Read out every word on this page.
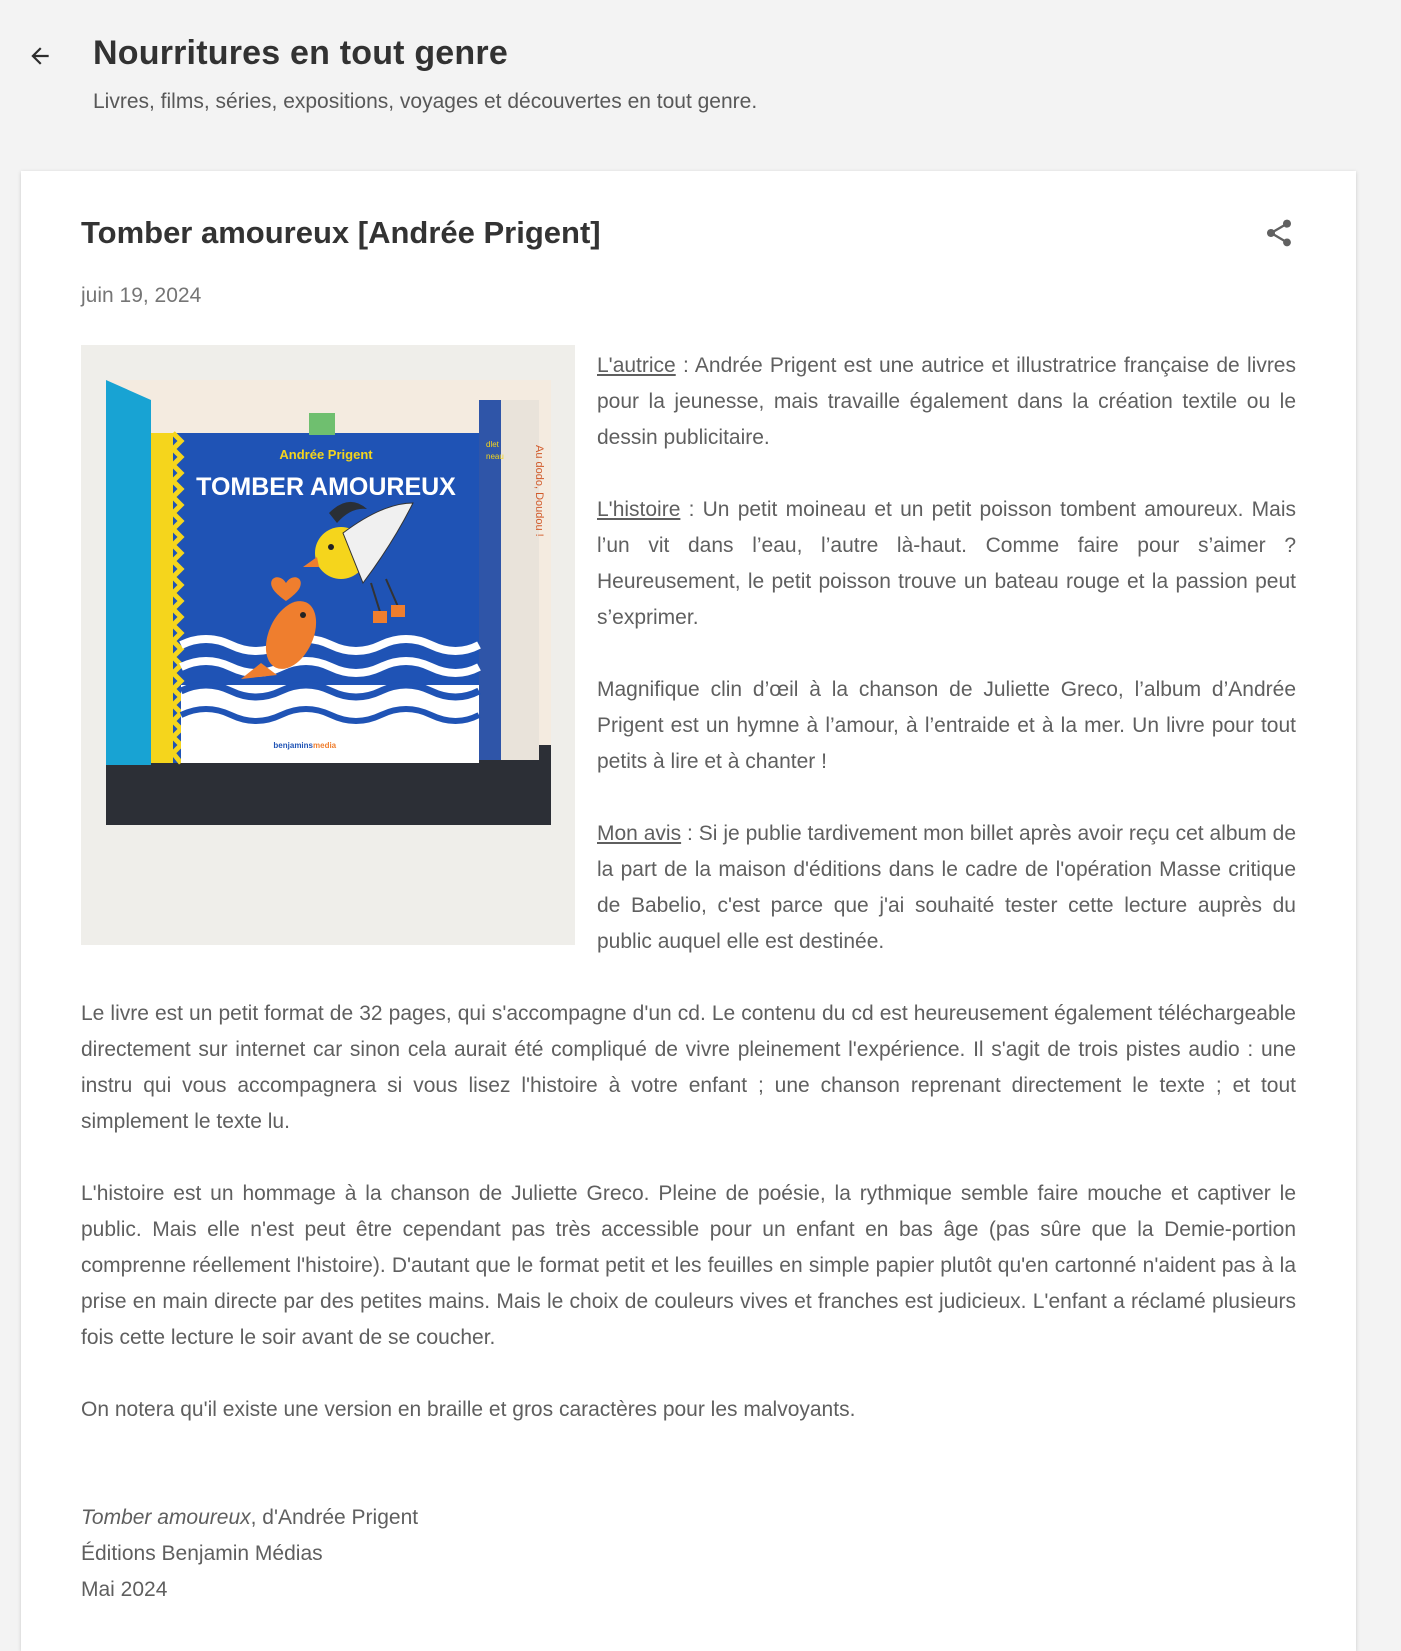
Nourritures en tout genre

Livres, films, séries, expositions, voyages et découvertes en tout genre.

Tomber amoureux [Andrée Prigent]
juin 19, 2024
Au dodo, Doudou !
dlet
neau
Andrée Prigent
TOMBER AMOUREUX
benjamins media

L'autrice : Andrée Prigent est une autrice et illustratrice française de livres pour la jeunesse, mais travaille également dans la création textile ou le dessin publicitaire.

L'histoire : Un petit moineau et un petit poisson tombent amoureux. Mais l’un vit dans l’eau, l’autre là-haut. Comme faire pour s’aimer ? Heureusement, le petit poisson trouve un bateau rouge et la passion peut s’exprimer.

Magnifique clin d’œil à la chanson de Juliette Greco, l’album d’Andrée Prigent est un hymne à l’amour, à l’entraide et à la mer. Un livre pour tout petits à lire et à chanter !

Mon avis : Si je publie tardivement mon billet après avoir reçu cet album de la part de la maison d'éditions dans le cadre de l'opération Masse critique de Babelio, c'est parce que j'ai souhaité tester cette lecture auprès du public auquel elle est destinée.

Le livre est un petit format de 32 pages, qui s'accompagne d'un cd. Le contenu du cd est heureusement également téléchargeable directement sur internet car sinon cela aurait été compliqué de vivre pleinement l'expérience. Il s'agit de trois pistes audio : une instru qui vous accompagnera si vous lisez l'histoire à votre enfant ; une chanson reprenant directement le texte ; et tout simplement le texte lu.

L'histoire est un hommage à la chanson de Juliette Greco. Pleine de poésie, la rythmique semble faire mouche et captiver le public. Mais elle n'est peut être cependant pas très accessible pour un enfant en bas âge (pas sûre que la Demie-portion comprenne réellement l'histoire). D'autant que le format petit et les feuilles en simple papier plutôt qu'en cartonné n'aident pas à la prise en main directe par des petites mains. Mais le choix de couleurs vives et franches est judicieux. L'enfant a réclamé plusieurs fois cette lecture le soir avant de se coucher.

On notera qu'il existe une version en braille et gros caractères pour les malvoyants.

Tomber amoureux, d'Andrée Prigent

Éditions Benjamin Médias

Mai 2024
